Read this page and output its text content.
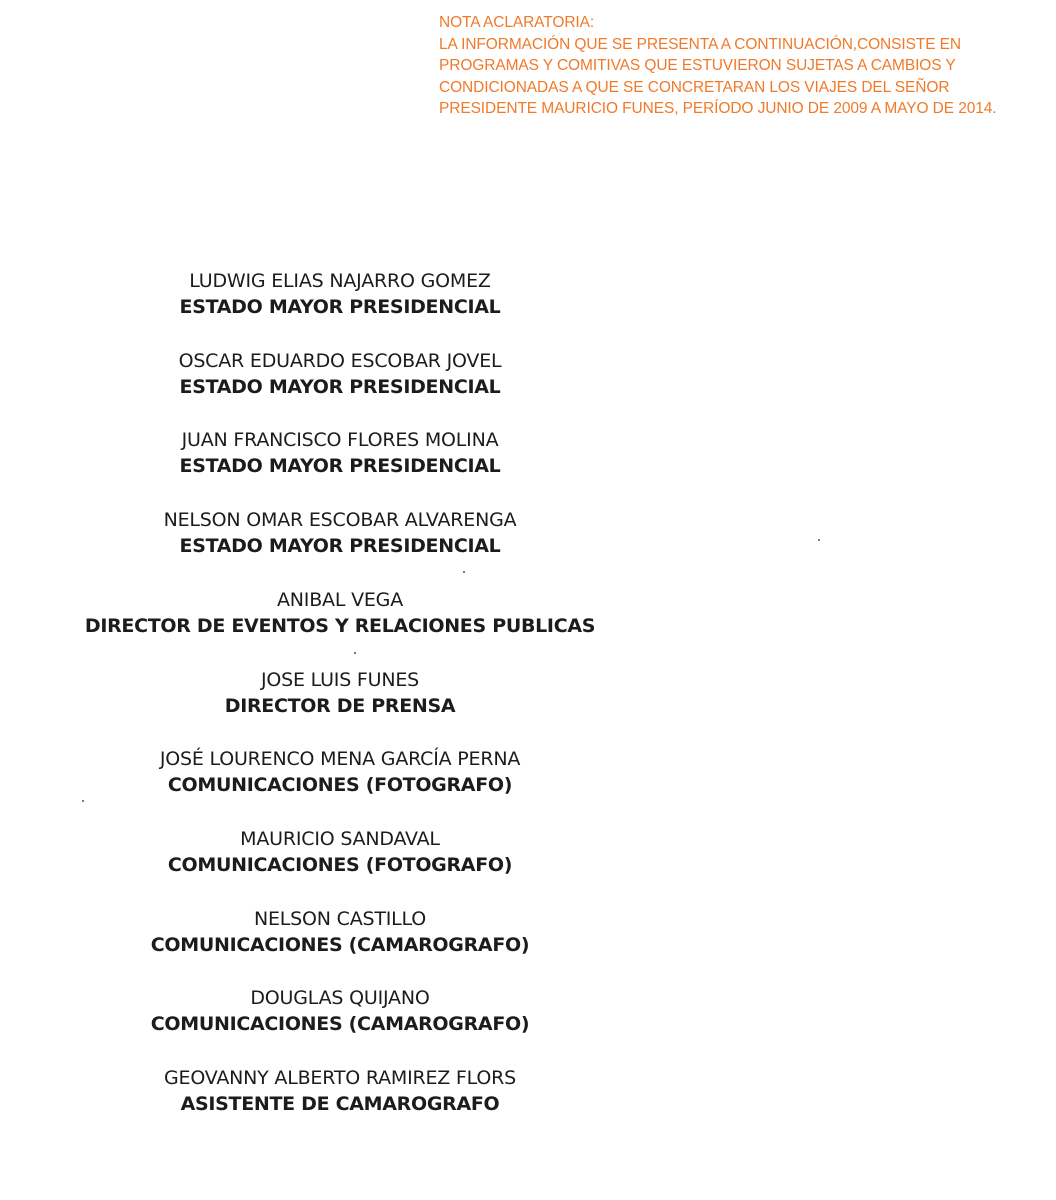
NOTA ACLARATORIA:
LA INFORMACIÓN QUE SE PRESENTA A CONTINUACIÓN,CONSISTE EN
PROGRAMAS Y COMITIVAS QUE ESTUVIERON SUJETAS A CAMBIOS Y
CONDICIONADAS A QUE SE CONCRETARAN LOS VIAJES DEL SEÑOR
PRESIDENTE MAURICIO FUNES, PERÍODO JUNIO DE 2009 A MAYO DE 2014.
LUDWIG ELIAS NAJARRO GOMEZ
ESTADO MAYOR PRESIDENCIAL
OSCAR EDUARDO ESCOBAR JOVEL
ESTADO MAYOR PRESIDENCIAL
JUAN FRANCISCO FLORES MOLINA
ESTADO MAYOR PRESIDENCIAL
NELSON OMAR ESCOBAR ALVARENGA
ESTADO MAYOR PRESIDENCIAL
ANIBAL VEGA
DIRECTOR DE EVENTOS Y RELACIONES PUBLICAS
JOSE LUIS FUNES
DIRECTOR DE PRENSA
JOSÉ LOURENCO MENA GARCÍA PERNA
COMUNICACIONES (FOTOGRAFO)
MAURICIO SANDAVAL
COMUNICACIONES (FOTOGRAFO)
NELSON CASTILLO
COMUNICACIONES (CAMAROGRAFO)
DOUGLAS QUIJANO
COMUNICACIONES (CAMAROGRAFO)
GEOVANNY ALBERTO RAMIREZ FLORS
ASISTENTE DE CAMAROGRAFO
